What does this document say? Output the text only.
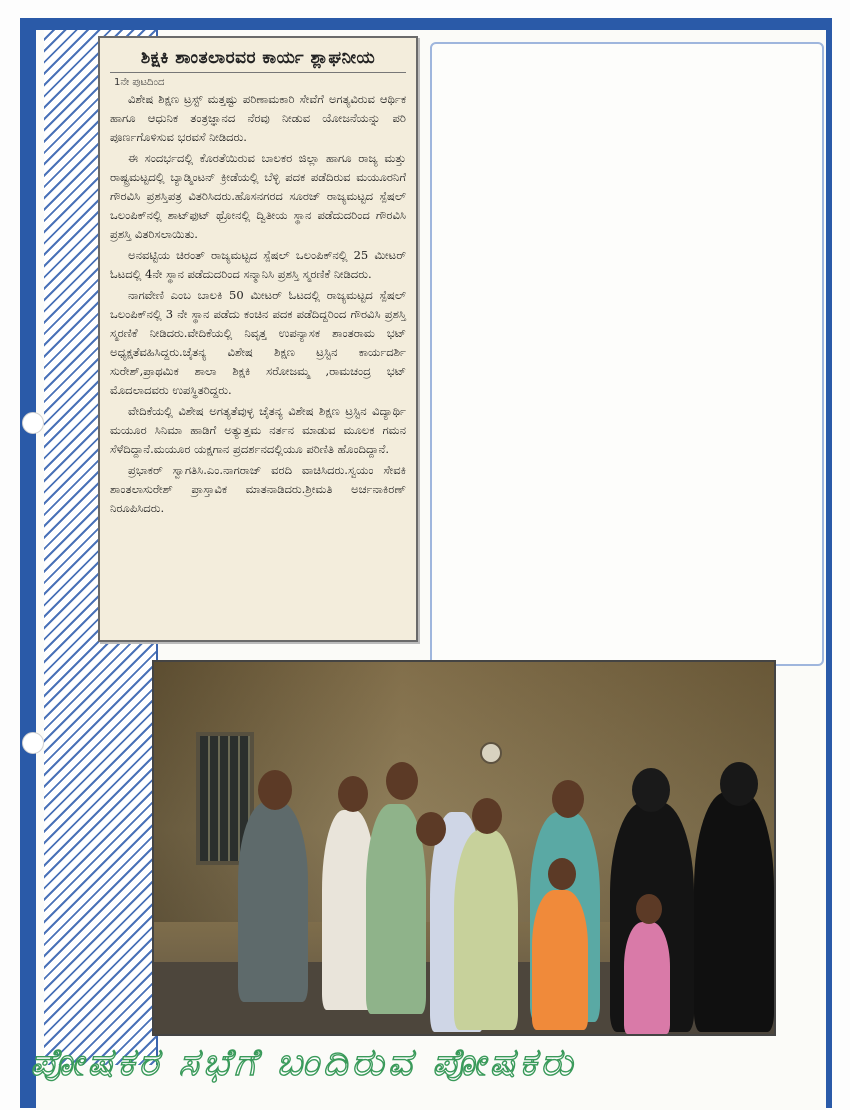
ಶಿಕ್ಷಕಿ ಶಾಂತಲಾರವರ ಕಾರ್ಯ ಶ್ಲಾಘನೀಯ
1ನೇ ಪುಟದಿಂದ

ವಿಶೇಷ ಶಿಕ್ಷಣ ಟ್ರಸ್ಟ್ ಮತ್ತಷ್ಟು ಪರಿಣಾಮಕಾರಿ ಸೇವೆಗೆ ಅಗತ್ಯವಿರುವ ಆರ್ಥಿಕ ಹಾಗೂ ಆಧುನಿಕ ತಂತ್ರಜ್ಞಾನದ ನೆರವು ನೀಡುವ ಯೋಜನೆಯನ್ನು ಪರಿ ಪೂರ್ಣಗೊಳಿಸುವ ಭರವಸೆ ನೀಡಿದರು.

ಈ ಸಂದರ್ಭದಲ್ಲಿ ಕೊರತೆಯಿರುವ ಬಾಲಕರ ಜಿಲ್ಲಾ ಹಾಗೂ ರಾಜ್ಯ ಮತ್ತು ರಾಷ್ಟ್ರಮಟ್ಟದಲ್ಲಿ ಬ್ಯಾಡ್ಮಿಂಟನ್ ಕ್ರೀಡೆಯಲ್ಲಿ ಬೆಳ್ಳಿ ಪದಕ ಪಡೆದಿರುವ ಮಯೂರನಿಗೆ ಗೌರವಿಸಿ ಪ್ರಶಸ್ತಿಪತ್ರ ವಿತರಿಸಿದರು.ಹೊಸನಗರದ ಸೂರಜ್ ರಾಜ್ಯಮಟ್ಟದ ಸ್ಪೆಷಲ್ ಒಲಂಪಿಕ್‌ನಲ್ಲಿ ಶಾಟ್‌ಫುಟ್ ಥ್ರೋನಲ್ಲಿ ದ್ವಿತೀಯ ಸ್ಥಾನ ಪಡೆದುದರಿಂದ ಗೌರವಿಸಿ ಪ್ರಶಸ್ತಿ ವಿತರಿಸಲಾಯಿತು.

ಅನವಟ್ಟಿಯ ಚಿರಂತ್ ರಾಜ್ಯಮಟ್ಟದ ಸ್ಪೆಷಲ್ ಒಲಂಪಿಕ್‌ನಲ್ಲಿ 25 ಮೀಟರ್ ಓಟದಲ್ಲಿ 4ನೇ ಸ್ಥಾನ ಪಡೆದುದರಿಂದ ಸನ್ಮಾನಿಸಿ ಪ್ರಶಸ್ತಿ ಸ್ಮರಣಿಕೆ ನೀಡಿದರು.

ನಾಗವೇಣಿ ಎಂಬ ಬಾಲಕಿ 50 ಮೀಟರ್ ಓಟದಲ್ಲಿ ರಾಜ್ಯಮಟ್ಟದ ಸ್ಪೆಷಲ್ ಒಲಂಪಿಕ್‌ನಲ್ಲಿ 3 ನೇ ಸ್ಥಾನ ಪಡೆದು ಕಂಚಿನ ಪದಕ ಪಡೆದಿದ್ದರಿಂದ ಗೌರವಿಸಿ ಪ್ರಶಸ್ತಿ ಸ್ಮರಣಿಕೆ ನೀಡಿದರು.ವೇದಿಕೆಯಲ್ಲಿ ನಿವೃತ್ತ ಉಪನ್ಯಾಸಕ ಶಾಂತರಾಮ ಭಟ್ ಅಧ್ಯಕ್ಷತೆವಹಿಸಿದ್ದರು.ಚೈತನ್ಯ ವಿಶೇಷ ಶಿಕ್ಷಣ ಟ್ರಸ್ಟಿನ ಕಾರ್ಯದರ್ಶಿ ಸುರೇಶ್,ಪ್ರಾಥಮಿಕ ಶಾಲಾ ಶಿಕ್ಷಕಿ ಸರೋಜಮ್ಮ ,ರಾಮಚಂದ್ರ ಭಟ್ ಮೊದಲಾದವರು ಉಪಸ್ಥಿತರಿದ್ದರು.

ವೇದಿಕೆಯಲ್ಲಿ ವಿಶೇಷ ಅಗತ್ಯತೆವುಳ್ಳ ಚೈತನ್ಯ ವಿಶೇಷ ಶಿಕ್ಷಣ ಟ್ರಸ್ಟಿನ ವಿದ್ಯಾರ್ಥಿ ಮಯೂರ ಸಿನಿಮಾ ಹಾಡಿಗೆ ಅತ್ಯುತ್ತಮ ನರ್ತನ ಮಾಡುವ ಮೂಲಕ ಗಮನ ಸೆಳೆದಿದ್ದಾನೆ.ಮಯೂರ ಯಕ್ಷಗಾನ ಪ್ರದರ್ಶನದಲ್ಲಿಯೂ ಪರಿಣಿತಿ ಹೊಂದಿದ್ದಾನೆ.

ಪ್ರಭಾಕರ್ ಸ್ವಾಗತಿಸಿ.ಎಂ.ನಾಗರಾಜ್ ವರದಿ ವಾಚಿಸಿದರು.ಸ್ವಯಂ ಸೇವಕಿ ಶಾಂತಲಾಸುರೇಶ್ ಪ್ರಾಸ್ತಾವಿಕ ಮಾತನಾಡಿದರು.ಶ್ರೀಮತಿ ಅರ್ಚನಾಕಿರಣ್ ನಿರೂಪಿಸಿದರು.

ಪೋಷಕರ ಸಭೆಗೆ ಬಂದಿರುವ ಪೋಷಕರು
